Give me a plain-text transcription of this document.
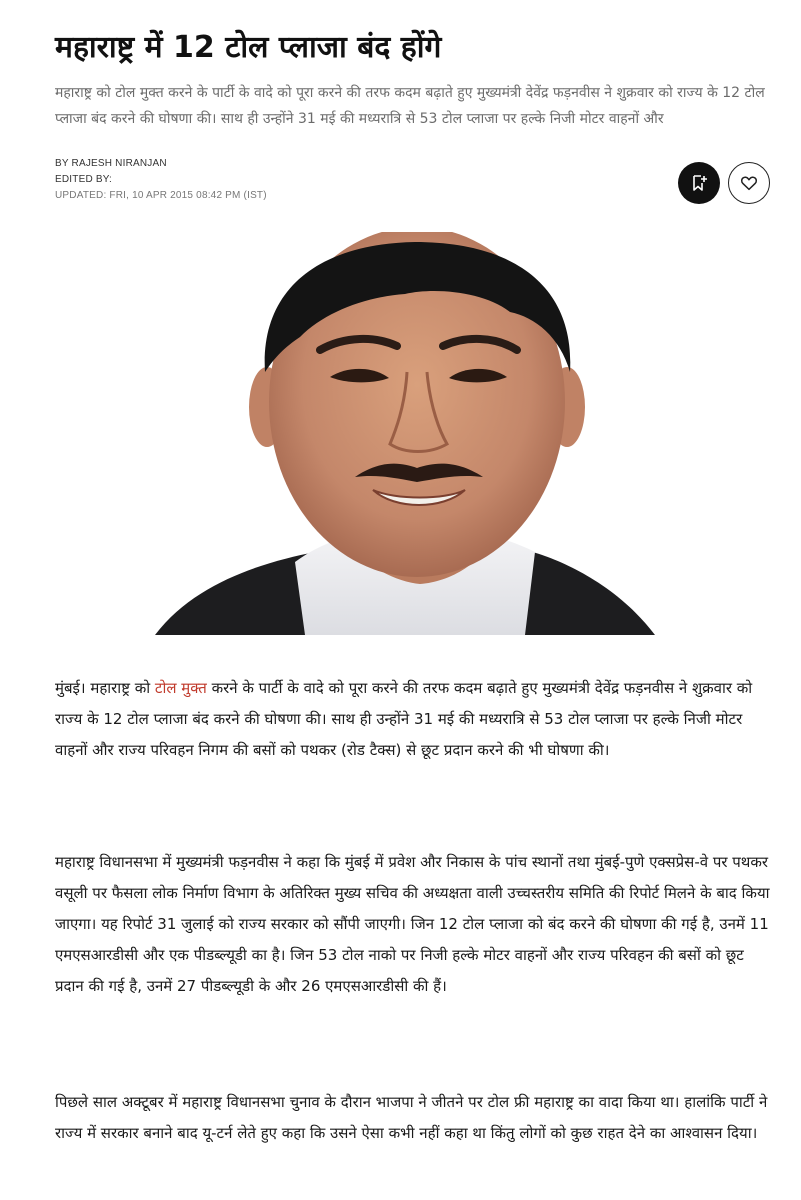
महाराष्ट्र में 12 टोल प्लाजा बंद होंगे

महाराष्ट्र को टोल मुक्त करने के पार्टी के वादे को पूरा करने की तरफ कदम बढ़ाते हुए मुख्यमंत्री देवेंद्र फड़नवीस ने शुक्रवार को राज्य के 12 टोल प्लाजा बंद करने की घोषणा की। साथ ही उन्होंने 31 मई की मध्यरात्रि से 53 टोल प्लाजा पर हल्के निजी मोटर वाहनों और

BY RAJESH NIRANJAN
EDITED BY:
UPDATED: FRI, 10 APR 2015 08:42 PM (IST)

मुंबई। महाराष्ट्र को टोल मुक्त करने के पार्टी के वादे को पूरा करने की तरफ कदम बढ़ाते हुए मुख्यमंत्री देवेंद्र फड़नवीस ने शुक्रवार को राज्य के 12 टोल प्लाजा बंद करने की घोषणा की। साथ ही उन्होंने 31 मई की मध्यरात्रि से 53 टोल प्लाजा पर हल्के निजी मोटर वाहनों और राज्य परिवहन निगम की बसों को पथकर (रोड टैक्स) से छूट प्रदान करने की भी घोषणा की।

महाराष्ट्र विधानसभा में मुख्यमंत्री फड़नवीस ने कहा कि मुंबई में प्रवेश और निकास के पांच स्थानों तथा मुंबई-पुणे एक्सप्रेस-वे पर पथकर वसूली पर फैसला लोक निर्माण विभाग के अतिरिक्त मुख्य सचिव की अध्यक्षता वाली उच्चस्तरीय समिति की रिपोर्ट मिलने के बाद किया जाएगा। यह रिपोर्ट 31 जुलाई को राज्य सरकार को सौंपी जाएगी। जिन 12 टोल प्लाजा को बंद करने की घोषणा की गई है, उनमें 11 एमएसआरडीसी और एक पीडब्ल्यूडी का है। जिन 53 टोल नाको पर निजी हल्के मोटर वाहनों और राज्य परिवहन की बसों को छूट प्रदान की गई है, उनमें 27 पीडब्ल्यूडी के और 26 एमएसआरडीसी की हैं।

पिछले साल अक्टूबर में महाराष्ट्र विधानसभा चुनाव के दौरान भाजपा ने जीतने पर टोल फ्री महाराष्ट्र का वादा किया था। हालांकि पार्टी ने राज्य में सरकार बनाने बाद यू-टर्न लेते हुए कहा कि उसने ऐसा कभी नहीं कहा था किंतु लोगों को कुछ राहत देने का आश्वासन दिया।
